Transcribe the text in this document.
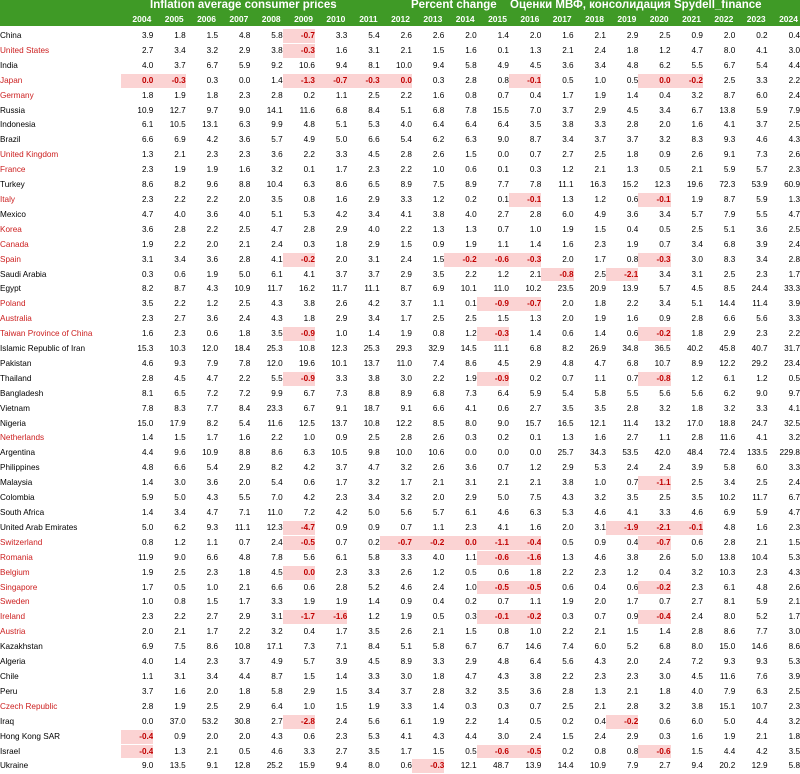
Inflation average consumer prices	Percent change Оценки МВФ, консолидация Spydell_finance
2004	2005	2006	2007	2008	2009	2010	2011	2012	2013	2014	2015	2016	2017	2018	2019	2020	2021	2022	2023	2024
China	3.9	1.8	1.5	4.8	5.8	-0.7	3.3	5.4	2.6	2.6	2.0	1.4	2.0	1.6	2.1	2.9	2.5	0.9	2.0	0.2	0.4
United States	2.7	3.4	3.2	2.9	3.8	-0.3	1.6	3.1	2.1	1.5	1.6	0.1	1.3	2.1	2.4	1.8	1.2	4.7	8.0	4.1	3.0
India	4.0	3.7	6.7	5.9	9.2	10.6	9.4	8.1	10.0	9.4	5.8	4.9	4.5	3.6	3.4	4.8	6.2	5.5	6.7	5.4	4.4
Japan	0.0	-0.3	0.3	0.0	1.4	-1.3	-0.7	-0.3	0.0	0.3	2.8	0.8	-0.1	0.5	1.0	0.5	0.0	-0.2	2.5	3.3	2.2
Germany	1.8	1.9	1.8	2.3	2.8	0.2	1.1	2.5	2.2	1.6	0.8	0.7	0.4	1.7	1.9	1.4	0.4	3.2	8.7	6.0	2.4
Russia	10.9	12.7	9.7	9.0	14.1	11.6	6.8	8.4	5.1	6.8	7.8	15.5	7.0	3.7	2.9	4.5	3.4	6.7	13.8	5.9	7.9
Indonesia	6.1	10.5	13.1	6.3	9.9	4.8	5.1	5.3	4.0	6.4	6.4	6.4	3.5	3.8	3.3	2.8	2.0	1.6	4.1	3.7	2.5
Brazil	6.6	6.9	4.2	3.6	5.7	4.9	5.0	6.6	5.4	6.2	6.3	9.0	8.7	3.4	3.7	3.7	3.2	8.3	9.3	4.6	4.3
United Kingdom	1.3	2.1	2.3	2.3	3.6	2.2	3.3	4.5	2.8	2.6	1.5	0.0	0.7	2.7	2.5	1.8	0.9	2.6	9.1	7.3	2.6
France	2.3	1.9	1.9	1.6	3.2	0.1	1.7	2.3	2.2	1.0	0.6	0.1	0.3	1.2	2.1	1.3	0.5	2.1	5.9	5.7	2.3
Turkey	8.6	8.2	9.6	8.8	10.4	6.3	8.6	6.5	8.9	7.5	8.9	7.7	7.8	11.1	16.3	15.2	12.3	19.6	72.3	53.9	60.9
Italy	2.3	2.2	2.2	2.0	3.5	0.8	1.6	2.9	3.3	1.2	0.2	0.1	-0.1	1.3	1.2	0.6	-0.1	1.9	8.7	5.9	1.3
Mexico	4.7	4.0	3.6	4.0	5.1	5.3	4.2	3.4	4.1	3.8	4.0	2.7	2.8	6.0	4.9	3.6	3.4	5.7	7.9	5.5	4.7
Korea	3.6	2.8	2.2	2.5	4.7	2.8	2.9	4.0	2.2	1.3	1.3	0.7	1.0	1.9	1.5	0.4	0.5	2.5	5.1	3.6	2.5
Canada	1.9	2.2	2.0	2.1	2.4	0.3	1.8	2.9	1.5	0.9	1.9	1.1	1.4	1.6	2.3	1.9	0.7	3.4	6.8	3.9	2.4
Spain	3.1	3.4	3.6	2.8	4.1	-0.2	2.0	3.1	2.4	1.5	-0.2	-0.6	-0.3	2.0	1.7	0.8	-0.3	3.0	8.3	3.4	2.8
Saudi Arabia	0.3	0.6	1.9	5.0	6.1	4.1	3.7	3.7	2.9	3.5	2.2	1.2	2.1	-0.8	2.5	-2.1	3.4	3.1	2.5	2.3	1.7
Egypt	8.2	8.7	4.3	10.9	11.7	16.2	11.7	11.1	8.7	6.9	10.1	11.0	10.2	23.5	20.9	13.9	5.7	4.5	8.5	24.4	33.3
Poland	3.5	2.2	1.2	2.5	4.3	3.8	2.6	4.2	3.7	1.1	0.1	-0.9	-0.7	2.0	1.8	2.2	3.4	5.1	14.4	11.4	3.9
Australia	2.3	2.7	3.6	2.4	4.3	1.8	2.9	3.4	1.7	2.5	2.5	1.5	1.3	2.0	1.9	1.6	0.9	2.8	6.6	5.6	3.3
Taiwan Province of China	1.6	2.3	0.6	1.8	3.5	-0.9	1.0	1.4	1.9	0.8	1.2	-0.3	1.4	0.6	1.4	0.6	-0.2	1.8	2.9	2.3	2.2
Islamic Republic of Iran	15.3	10.3	12.0	18.4	25.3	10.8	12.3	25.3	29.3	32.9	14.5	11.1	6.8	8.2	26.9	34.8	36.5	40.2	45.8	40.7	31.7
Pakistan	4.6	9.3	7.9	7.8	12.0	19.6	10.1	13.7	11.0	7.4	8.6	4.5	2.9	4.8	4.7	6.8	10.7	8.9	12.2	29.2	23.4
Thailand	2.8	4.5	4.7	2.2	5.5	-0.9	3.3	3.8	3.0	2.2	1.9	-0.9	0.2	0.7	1.1	0.7	-0.8	1.2	6.1	1.2	0.5
Bangladesh	8.1	6.5	7.2	7.2	9.9	6.7	7.3	8.8	8.9	6.8	7.3	6.4	5.9	5.4	5.8	5.5	5.6	5.6	6.2	9.0	9.7
Vietnam	7.8	8.3	7.7	8.4	23.3	6.7	9.1	18.7	9.1	6.6	4.1	0.6	2.7	3.5	3.5	2.8	3.2	1.8	3.2	3.3	4.1
Nigeria	15.0	17.9	8.2	5.4	11.6	12.5	13.7	10.8	12.2	8.5	8.0	9.0	15.7	16.5	12.1	11.4	13.2	17.0	18.8	24.7	32.5
Netherlands	1.4	1.5	1.7	1.6	2.2	1.0	0.9	2.5	2.8	2.6	0.3	0.2	0.1	1.3	1.6	2.7	1.1	2.8	11.6	4.1	3.2
Argentina	4.4	9.6	10.9	8.8	8.6	6.3	10.5	9.8	10.0	10.6	0.0	0.0	0.0	25.7	34.3	53.5	42.0	48.4	72.4	133.5	229.8
Philippines	4.8	6.6	5.4	2.9	8.2	4.2	3.7	4.7	3.2	2.6	3.6	0.7	1.2	2.9	5.3	2.4	2.4	3.9	5.8	6.0	3.3
Malaysia	1.4	3.0	3.6	2.0	5.4	0.6	1.7	3.2	1.7	2.1	3.1	2.1	2.1	3.8	1.0	0.7	-1.1	2.5	3.4	2.5	2.4
Colombia	5.9	5.0	4.3	5.5	7.0	4.2	2.3	3.4	3.2	2.0	2.9	5.0	7.5	4.3	3.2	3.5	2.5	3.5	10.2	11.7	6.7
South Africa	1.4	3.4	4.7	7.1	11.0	7.2	4.2	5.0	5.6	5.7	6.1	4.6	6.3	5.3	4.6	4.1	3.3	4.6	6.9	5.9	4.7
United Arab Emirates	5.0	6.2	9.3	11.1	12.3	-4.7	0.9	0.9	0.7	1.1	2.3	4.1	1.6	2.0	3.1	-1.9	-2.1	-0.1	4.8	1.6	2.3
Switzerland	0.8	1.2	1.1	0.7	2.4	-0.5	0.7	0.2	-0.7	-0.2	0.0	-1.1	-0.4	0.5	0.9	0.4	-0.7	0.6	2.8	2.1	1.5
Romania	11.9	9.0	6.6	4.8	7.8	5.6	6.1	5.8	3.3	4.0	1.1	-0.6	-1.6	1.3	4.6	3.8	2.6	5.0	13.8	10.4	5.3
Belgium	1.9	2.5	2.3	1.8	4.5	0.0	2.3	3.3	2.6	1.2	0.5	0.6	1.8	2.2	2.3	1.2	0.4	3.2	10.3	2.3	4.3
Singapore	1.7	0.5	1.0	2.1	6.6	0.6	2.8	5.2	4.6	2.4	1.0	-0.5	-0.5	0.6	0.4	0.6	-0.2	2.3	6.1	4.8	2.6
Sweden	1.0	0.8	1.5	1.7	3.3	1.9	1.9	1.4	0.9	0.4	0.2	0.7	1.1	1.9	2.0	1.7	0.7	2.7	8.1	5.9	2.1
Ireland	2.3	2.2	2.7	2.9	3.1	-1.7	-1.6	1.2	1.9	0.5	0.3	-0.1	-0.2	0.3	0.7	0.9	-0.4	2.4	8.0	5.2	1.7
Austria	2.0	2.1	1.7	2.2	3.2	0.4	1.7	3.5	2.6	2.1	1.5	0.8	1.0	2.2	2.1	1.5	1.4	2.8	8.6	7.7	3.0
Kazakhstan	6.9	7.5	8.6	10.8	17.1	7.3	7.1	8.4	5.1	5.8	6.7	6.7	14.6	7.4	6.0	5.2	6.8	8.0	15.0	14.6	8.6
Algeria	4.0	1.4	2.3	3.7	4.9	5.7	3.9	4.5	8.9	3.3	2.9	4.8	6.4	5.6	4.3	2.0	2.4	7.2	9.3	9.3	5.3
Chile	1.1	3.1	3.4	4.4	8.7	1.5	1.4	3.3	3.0	1.8	4.7	4.3	3.8	2.2	2.3	2.3	3.0	4.5	11.6	7.6	3.9
Peru	3.7	1.6	2.0	1.8	5.8	2.9	1.5	3.4	3.7	2.8	3.2	3.5	3.6	2.8	1.3	2.1	1.8	4.0	7.9	6.3	2.5
Czech Republic	2.8	1.9	2.5	2.9	6.4	1.0	1.5	1.9	3.3	1.4	0.3	0.3	0.7	2.5	2.1	2.8	3.2	3.8	15.1	10.7	2.3
Iraq	0.0	37.0	53.2	30.8	2.7	-2.8	2.4	5.6	6.1	1.9	2.2	1.4	0.5	0.2	0.4	-0.2	0.6	6.0	5.0	4.4	3.2
Hong Kong SAR	-0.4	0.9	2.0	2.0	4.3	0.6	2.3	5.3	4.1	4.3	4.4	3.0	2.4	1.5	2.4	2.9	0.3	1.6	1.9	2.1	1.8
Israel	-0.4	1.3	2.1	0.5	4.6	3.3	2.7	3.5	1.7	1.5	0.5	-0.6	-0.5	0.2	0.8	0.8	-0.6	1.5	4.4	4.2	3.5
Ukraine	9.0	13.5	9.1	12.8	25.2	15.9	9.4	8.0	0.6	-0.3	12.1	48.7	13.9	14.4	10.9	7.9	2.7	9.4	20.2	12.9	5.8
